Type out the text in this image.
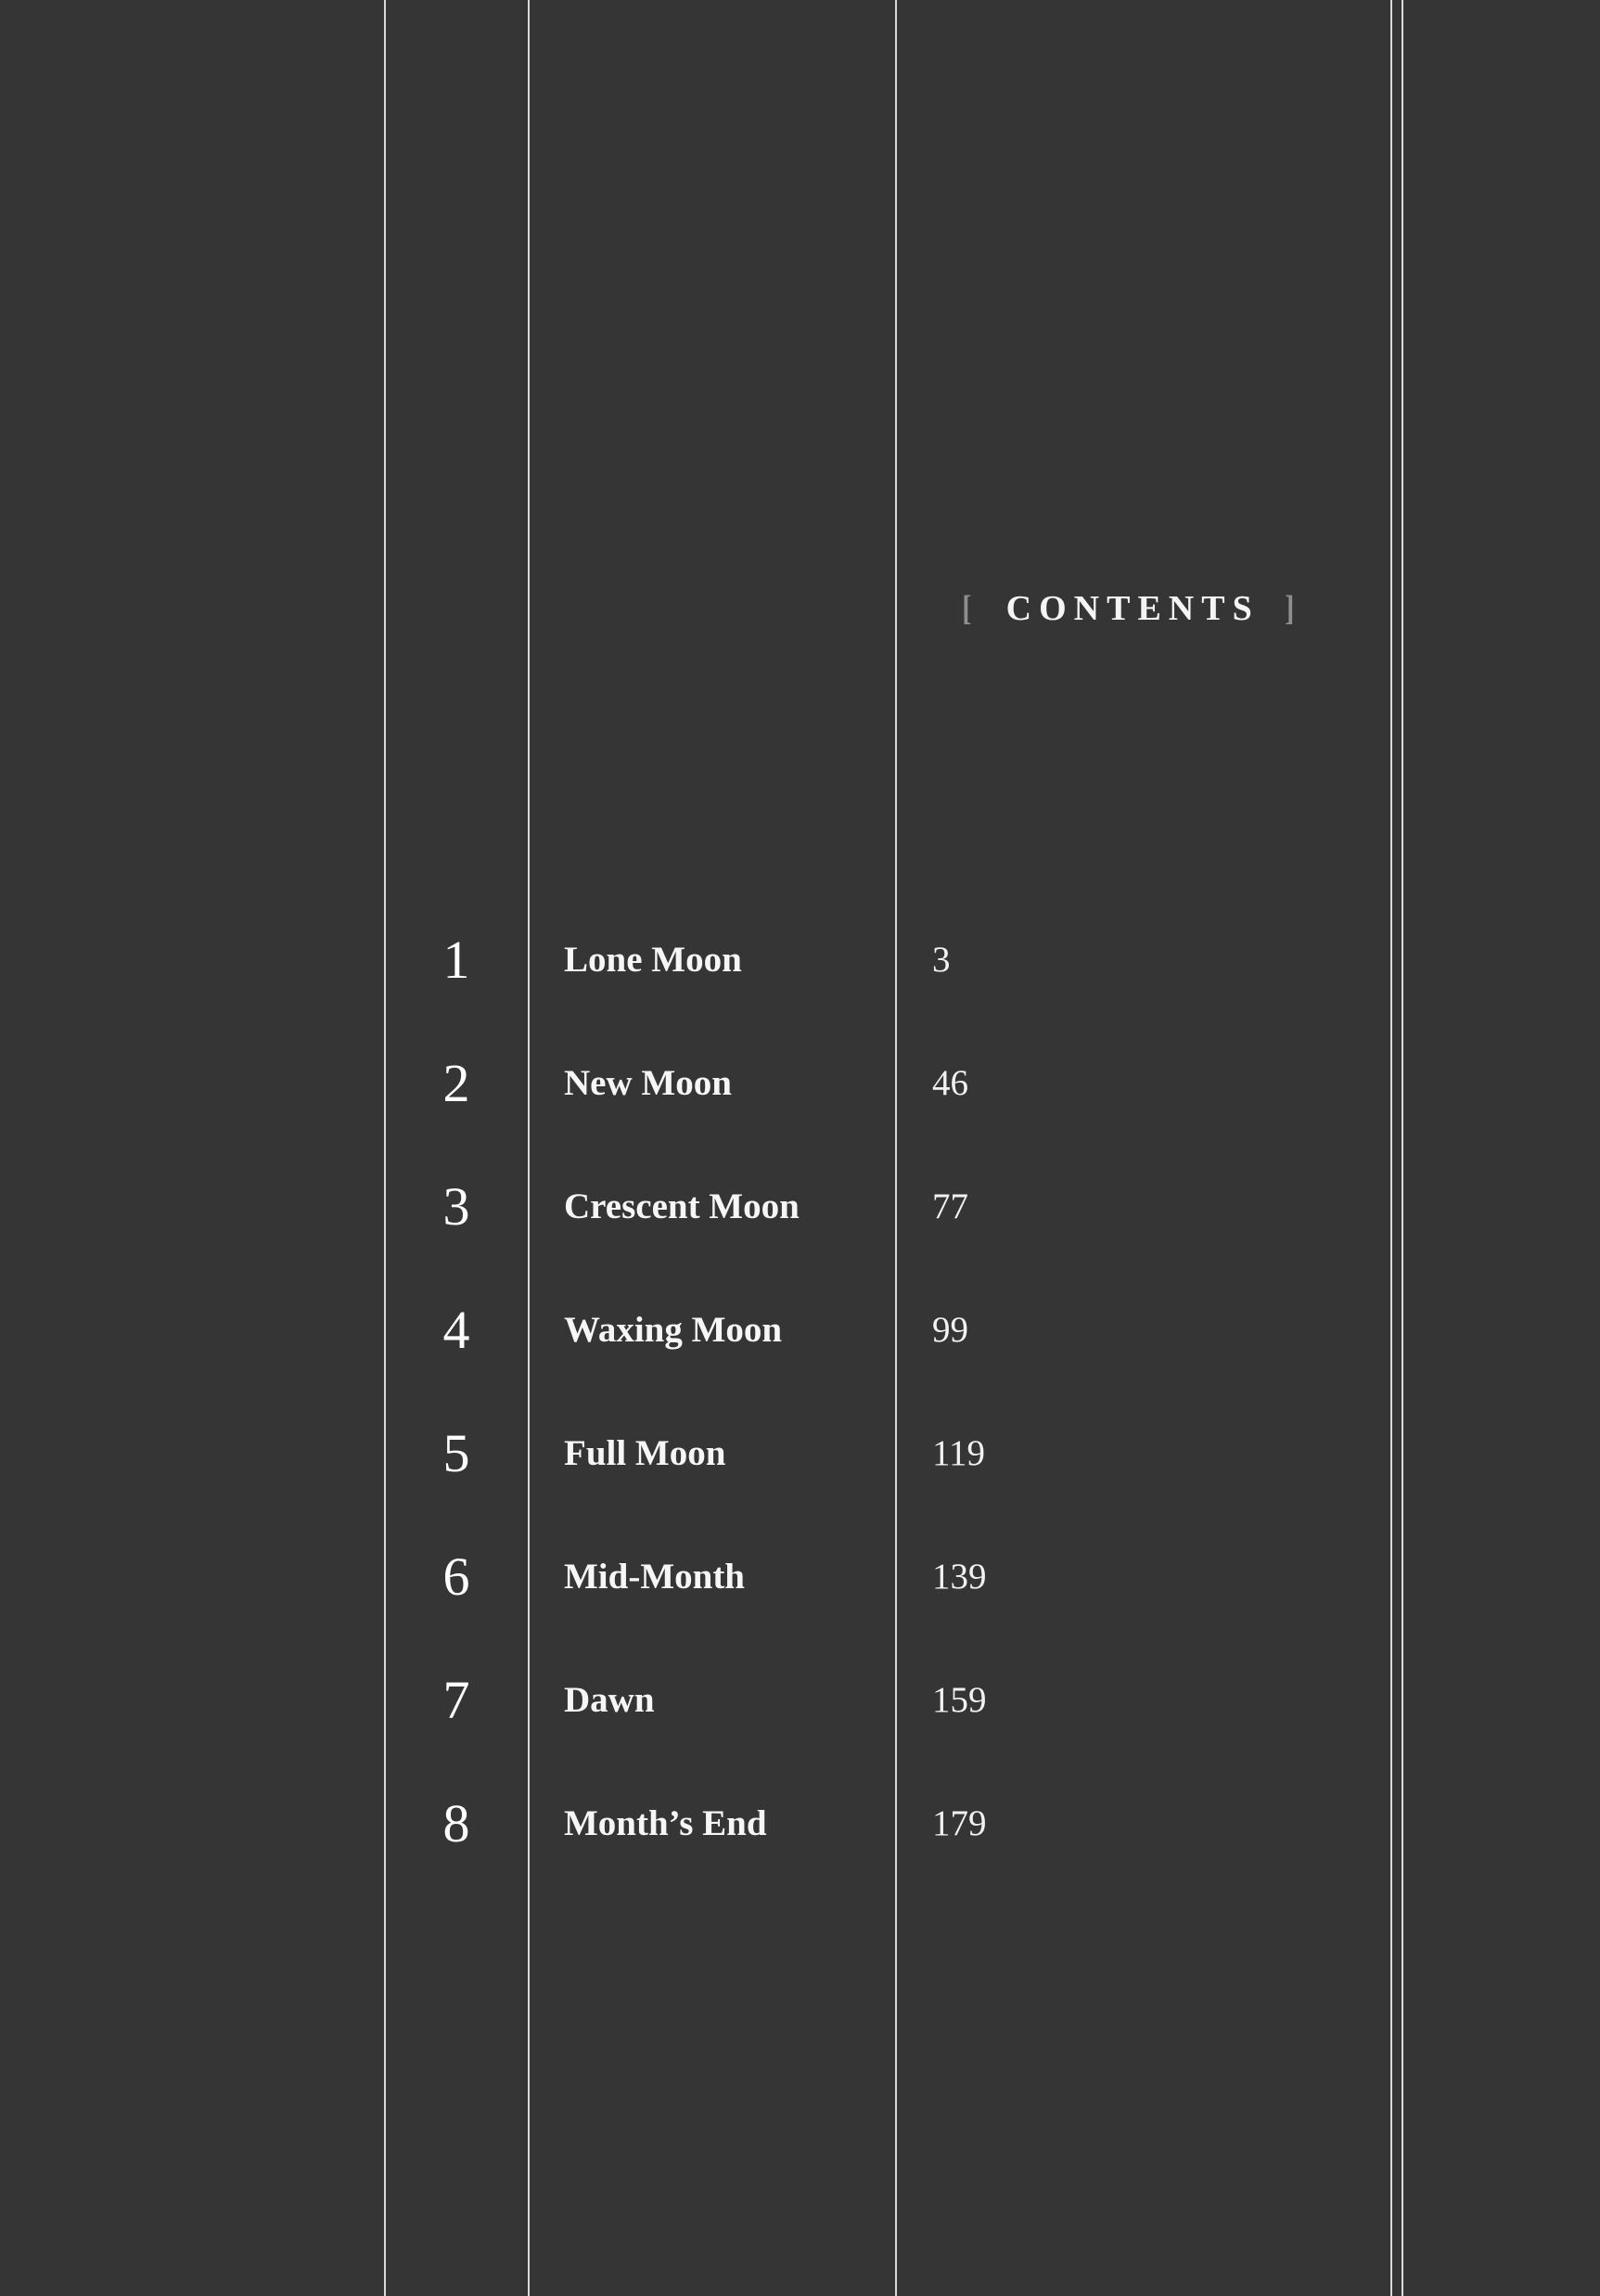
[ CONTENTS ]
1	Lone Moon	3
2	New Moon	46
3	Crescent Moon	77
4	Waxing Moon	99
5	Full Moon	119
6	Mid-Month	139
7	Dawn	159
8	Month’s End	179
